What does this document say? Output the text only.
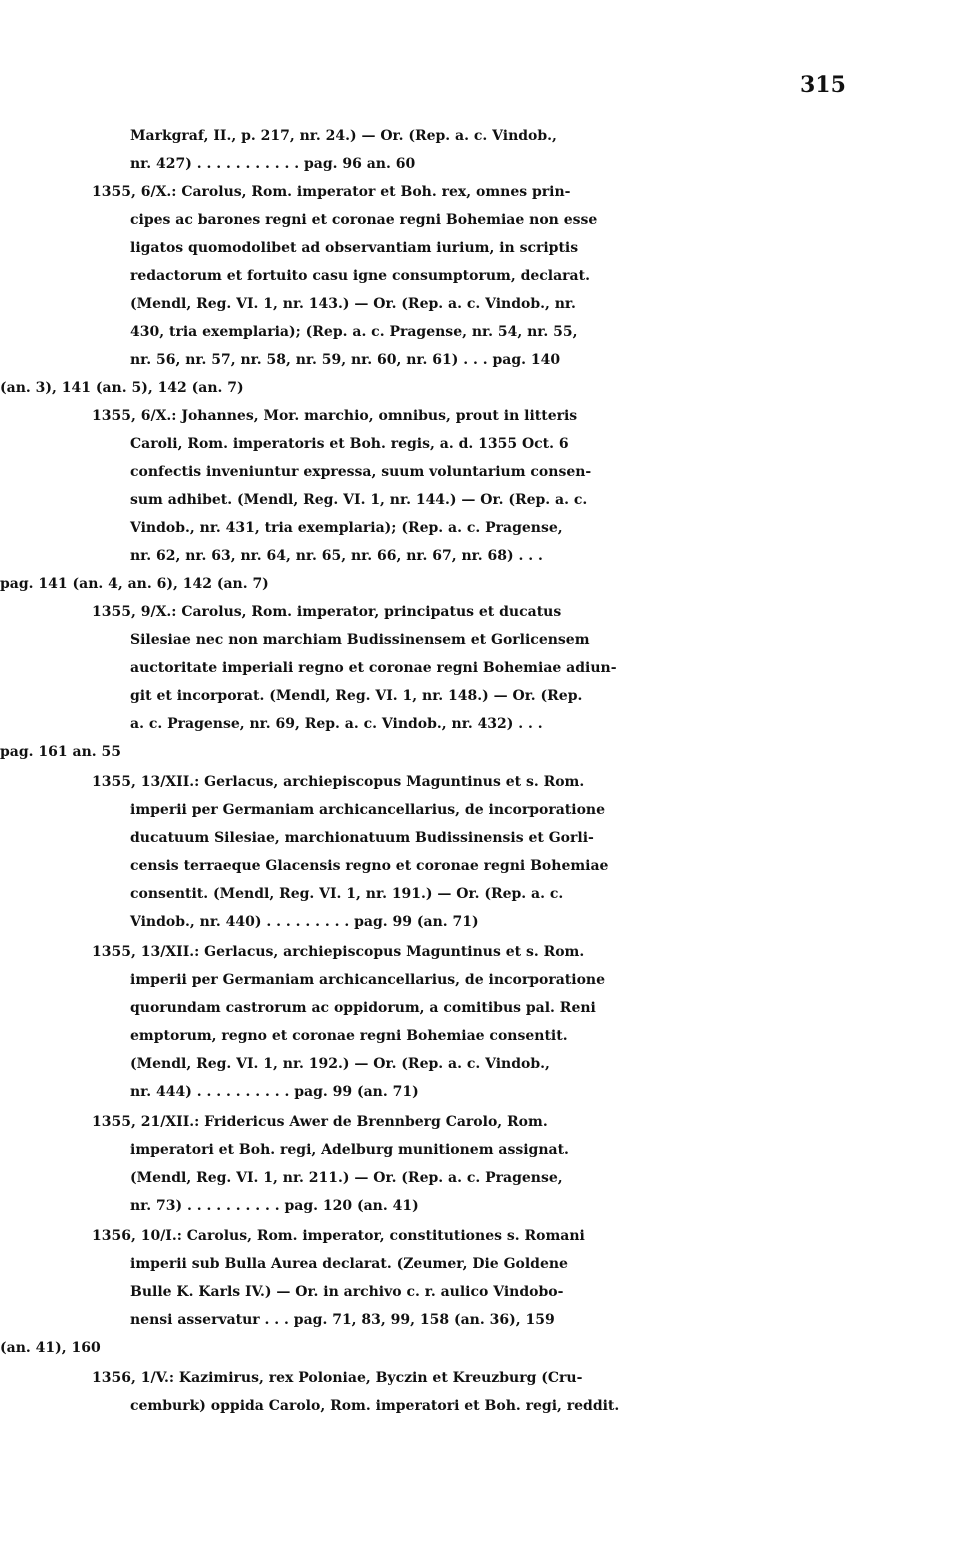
315
Markgraf, II., p. 217, nr. 24.) — Or. (Rep. a. c. Vindob.,
nr. 427) . . . . . . . . . . . pag. 96 an. 60
1355, 6/X.: Carolus, Rom. imperator et Boh. rex, omnes prin-
cipes ac barones regni et coronae regni Bohemiae non esse
ligatos quomodolibet ad observantiam iurium, in scriptis
redactorum et fortuito casu igne consumptorum, declarat.
(Mendl, Reg. VI. 1, nr. 143.) — Or. (Rep. a. c. Vindob., nr.
430, tria exemplaria); (Rep. a. c. Pragense, nr. 54, nr. 55,
nr. 56, nr. 57, nr. 58, nr. 59, nr. 60, nr. 61) . . . pag. 140
(an. 3), 141 (an. 5), 142 (an. 7)
1355, 6/X.: Johannes, Mor. marchio, omnibus, prout in litteris
Caroli, Rom. imperatoris et Boh. regis, a. d. 1355 Oct. 6
confectis inveniuntur expressa, suum voluntarium consen-
sum adhibet. (Mendl, Reg. VI. 1, nr. 144.) — Or. (Rep. a. c.
Vindob., nr. 431, tria exemplaria); (Rep. a. c. Pragense,
nr. 62, nr. 63, nr. 64, nr. 65, nr. 66, nr. 67, nr. 68) . . .
pag. 141 (an. 4, an. 6), 142 (an. 7)
1355, 9/X.: Carolus, Rom. imperator, principatus et ducatus
Silesiae nec non marchiam Budissinensem et Gorlicensem
auctoritate imperiali regno et coronae regni Bohemiae adiun-
git et incorporat. (Mendl, Reg. VI. 1, nr. 148.) — Or. (Rep.
a. c. Pragense, nr. 69, Rep. a. c. Vindob., nr. 432) . . .
pag. 161 an. 55
1355, 13/XII.: Gerlacus, archiepiscopus Maguntinus et s. Rom.
imperii per Germaniam archicancellarius, de incorporatione
ducatuum Silesiae, marchionatuum Budissinensis et Gorli-
censis terraeque Glacensis regno et coronae regni Bohemiae
consentit. (Mendl, Reg. VI. 1, nr. 191.) — Or. (Rep. a. c.
Vindob., nr. 440) . . . . . . . . . pag. 99 (an. 71)
1355, 13/XII.: Gerlacus, archiepiscopus Maguntinus et s. Rom.
imperii per Germaniam archicancellarius, de incorporatione
quorundam castrorum ac oppidorum, a comitibus pal. Reni
emptorum, regno et coronae regni Bohemiae consentit.
(Mendl, Reg. VI. 1, nr. 192.) — Or. (Rep. a. c. Vindob.,
nr. 444) . . . . . . . . . . pag. 99 (an. 71)
1355, 21/XII.: Fridericus Awer de Brennberg Carolo, Rom.
imperatori et Boh. regi, Adelburg munitionem assignat.
(Mendl, Reg. VI. 1, nr. 211.) — Or. (Rep. a. c. Pragense,
nr. 73) . . . . . . . . . . pag. 120 (an. 41)
1356, 10/I.: Carolus, Rom. imperator, constitutiones s. Romani
imperii sub Bulla Aurea declarat. (Zeumer, Die Goldene
Bulle K. Karls IV.) — Or. in archivo c. r. aulico Vindobo-
nensi asservatur . . . pag. 71, 83, 99, 158 (an. 36), 159
(an. 41), 160
1356, 1/V.: Kazimirus, rex Poloniae, Byczin et Kreuzburg (Cru-
cemburk) oppida Carolo, Rom. imperatori et Boh. regi, reddit.
